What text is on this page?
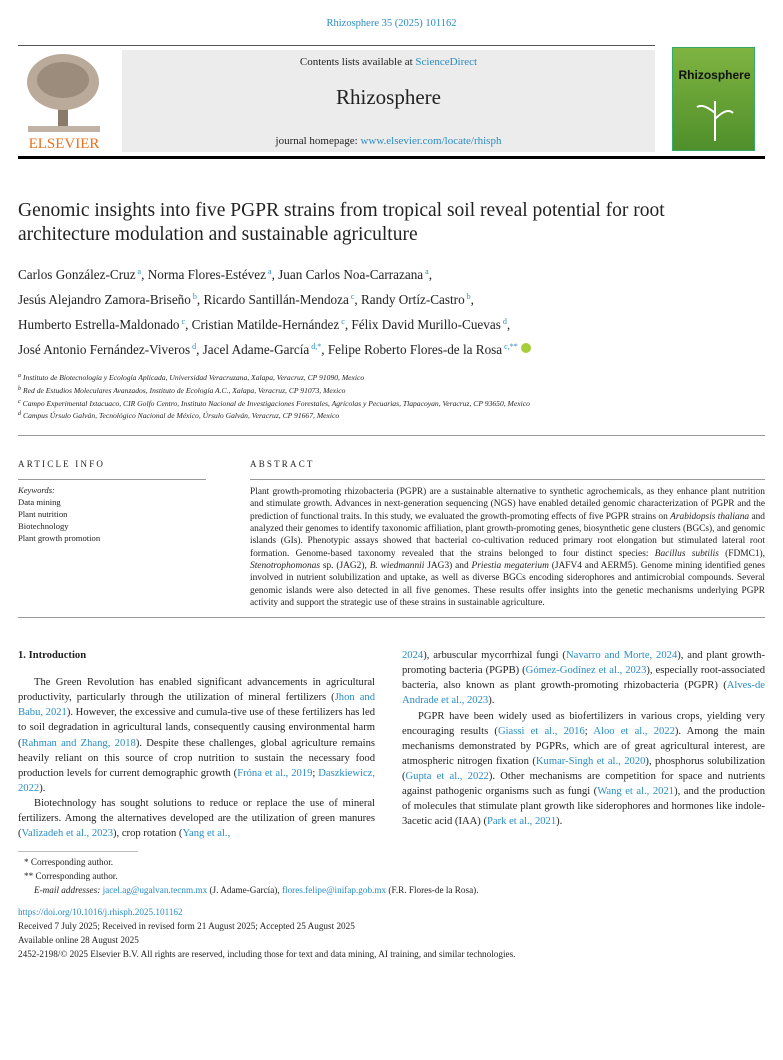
Rhizosphere 35 (2025) 101162
ELSEVIER
Contents lists available at ScienceDirect
Rhizosphere
journal homepage: www.elsevier.com/locate/rhisph
Rhizosphere
Genomic insights into five PGPR strains from tropical soil reveal potential for root architecture modulation and sustainable agriculture
Carlos González-Cruz $^a$, Norma Flores-Estévez $^a$, Juan Carlos Noa-Carrazana $^a$,
Jesús Alejandro Zamora-Briseño $^b$, Ricardo Santillán-Mendoza $^c$, Randy Ortíz-Castro $^b$,
Humberto Estrella-Maldonado $^c$, Cristian Matilde-Hernández $^c$, Félix David Murillo-Cuevas $^d$,
José Antonio Fernández-Viveros $^d$, Jacel Adame-García $^{d,*}$, Felipe Roberto Flores-de la Rosa $^{c,**}$
$^a$ Instituto de Biotecnología y Ecología Aplicada, Universidad Veracruzana, Xalapa, Veracruz, CP 91090, Mexico
$^b$ Red de Estudios Moleculares Avanzados, Instituto de Ecología A.C., Xalapa, Veracruz, CP 91073, Mexico
$^c$ Campo Experimental Ixtacuaco, CIR Golfo Centro, Instituto Nacional de Investigaciones Forestales, Agrícolas y Pecuarias, Tlapacoyan, Veracruz, CP 93650, Mexico
$^d$ Campus Úrsulo Galván, Tecnológico Nacional de México, Úrsulo Galván, Veracruz, CP 91667, Mexico
ARTICLE INFO
Keywords:
Data mining
Plant nutrition
Biotechnology
Plant growth promotion
ABSTRACT
Plant growth-promoting rhizobacteria (PGPR) are a sustainable alternative to synthetic agrochemicals, as they enhance plant nutrition and stimulate growth. Advances in next-generation sequencing (NGS) have enabled detailed genomic characterization of PGPR and the prediction of functional traits. In this study, we evaluated the growth-promoting effects of five PGPR strains on Arabidopsis thaliana and analyzed their genomes to identify taxonomic affiliation, plant growth-promoting genes, biosynthetic gene clusters (BGCs), and genomic islands (GIs). Phenotypic assays showed that bacterial co-cultivation reduced primary root elongation but stimulated lateral root formation. Genome-based taxonomy revealed that the strains belonged to four distinct species: Bacillus subtilis (FDMC1), Stenotrophomonas sp. (JAG2), B. wiedmannii JAG3) and Priestia megaterium (JAFV4 and AERM5). Genome mining identified genes involved in nutrient solubilization and uptake, as well as diverse BGCs encoding siderophores and antimicrobial compounds. Several genomic islands were also detected in all five genomes. These results offer insights into the genetic mechanisms underlying PGPR activity and support the strategic use of these strains in sustainable agriculture.
1. Introduction

The Green Revolution has enabled significant advancements in agricultural productivity, particularly through the utilization of mineral fertilizers (Jhon and Babu, 2021). However, the excessive and cumula-tive use of these fertilizers has led to soil degradation in agricultural lands, consequently causing environmental harm (Rahman and Zhang, 2018). Despite these challenges, global agriculture remains heavily reliant on this source of crop nutrition to sustain the necessary food production levels for current demographic growth (Fróna et al., 2019; Daszkiewicz, 2022).

Biotechnology has sought solutions to reduce or replace the use of mineral fertilizers. Among the alternatives developed are the utilization of green manures (Valizadeh et al., 2023), crop rotation (Yang et al.,

2024), arbuscular mycorrhizal fungi (Navarro and Morte, 2024), and plant growth-promoting bacteria (PGPB) (Gómez-Godínez et al., 2023), especially root-associated bacteria, also known as plant growth-promoting rhizobacteria (PGPR) (Alves-de Andrade et al., 2023).

PGPR have been widely used as biofertilizers in various crops, yielding very encouraging results (Giassi et al., 2016; Aloo et al., 2022). Among the main mechanisms demonstrated by PGPRs, which are of great agricultural interest, are atmospheric nitrogen fixation (Kumar-Singh et al., 2020), phosphorus solubilization (Gupta et al., 2022). Other mechanisms are competition for space and nutrients against pathogenic organisms such as fungi (Wang et al., 2021), and the production of molecules that stimulate plant growth like siderophores and hormones like indole-3acetic acid (IAA) (Park et al., 2021).

* Corresponding author.
** Corresponding author.
E-mail addresses: jacel.ag@ugalvan.tecnm.mx (J. Adame-García), flores.felipe@inifap.gob.mx (F.R. Flores-de la Rosa).
https://doi.org/10.1016/j.rhisph.2025.101162
Received 7 July 2025; Received in revised form 21 August 2025; Accepted 25 August 2025
Available online 28 August 2025
2452-2198/© 2025 Elsevier B.V. All rights are reserved, including those for text and data mining, AI training, and similar technologies.
